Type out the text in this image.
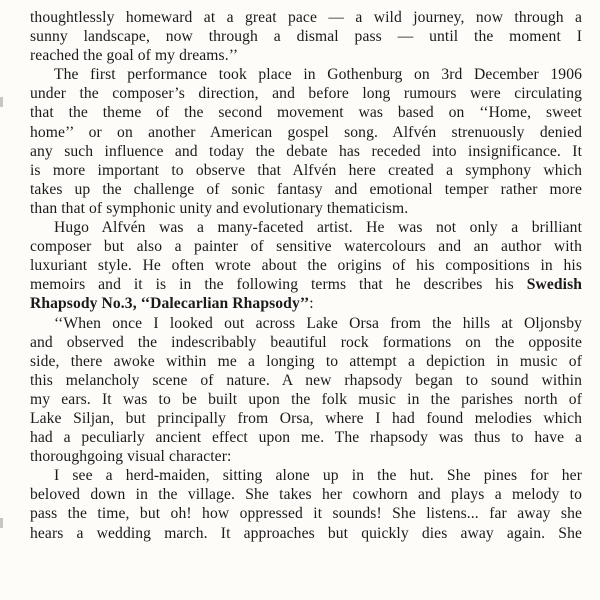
thoughtlessly homeward at a great pace — a wild journey, now through a
sunny landscape, now through a dismal pass — until the moment I
reached the goal of my dreams.’’
The first performance took place in Gothenburg on 3rd December 1906
under the composer’s direction, and before long rumours were circulating
that the theme of the second movement was based on ‘‘Home, sweet
home’’ or on another American gospel song. Alfvén strenuously denied
any such influence and today the debate has receded into insignificance. It
is more important to observe that Alfvén here created a symphony which
takes up the challenge of sonic fantasy and emotional temper rather more
than that of symphonic unity and evolutionary thematicism.
Hugo Alfvén was a many-faceted artist. He was not only a brilliant
composer but also a painter of sensitive watercolours and an author with
luxuriant style. He often wrote about the origins of his compositions in his
memoirs and it is in the following terms that he describes his Swedish
Rhapsody No.3, ‘‘Dalecarlian Rhapsody’’:
‘‘When once I looked out across Lake Orsa from the hills at Oljonsby
and observed the indescribably beautiful rock formations on the opposite
side, there awoke within me a longing to attempt a depiction in music of
this melancholy scene of nature. A new rhapsody began to sound within
my ears. It was to be built upon the folk music in the parishes north of
Lake Siljan, but principally from Orsa, where I had found melodies which
had a peculiarly ancient effect upon me. The rhapsody was thus to have a
thoroughgoing visual character:
I see a herd-maiden, sitting alone up in the hut. She pines for her
beloved down in the village. She takes her cowhorn and plays a melody to
pass the time, but oh! how oppressed it sounds! She listens... far away she
hears a wedding march. It approaches but quickly dies away again. She
